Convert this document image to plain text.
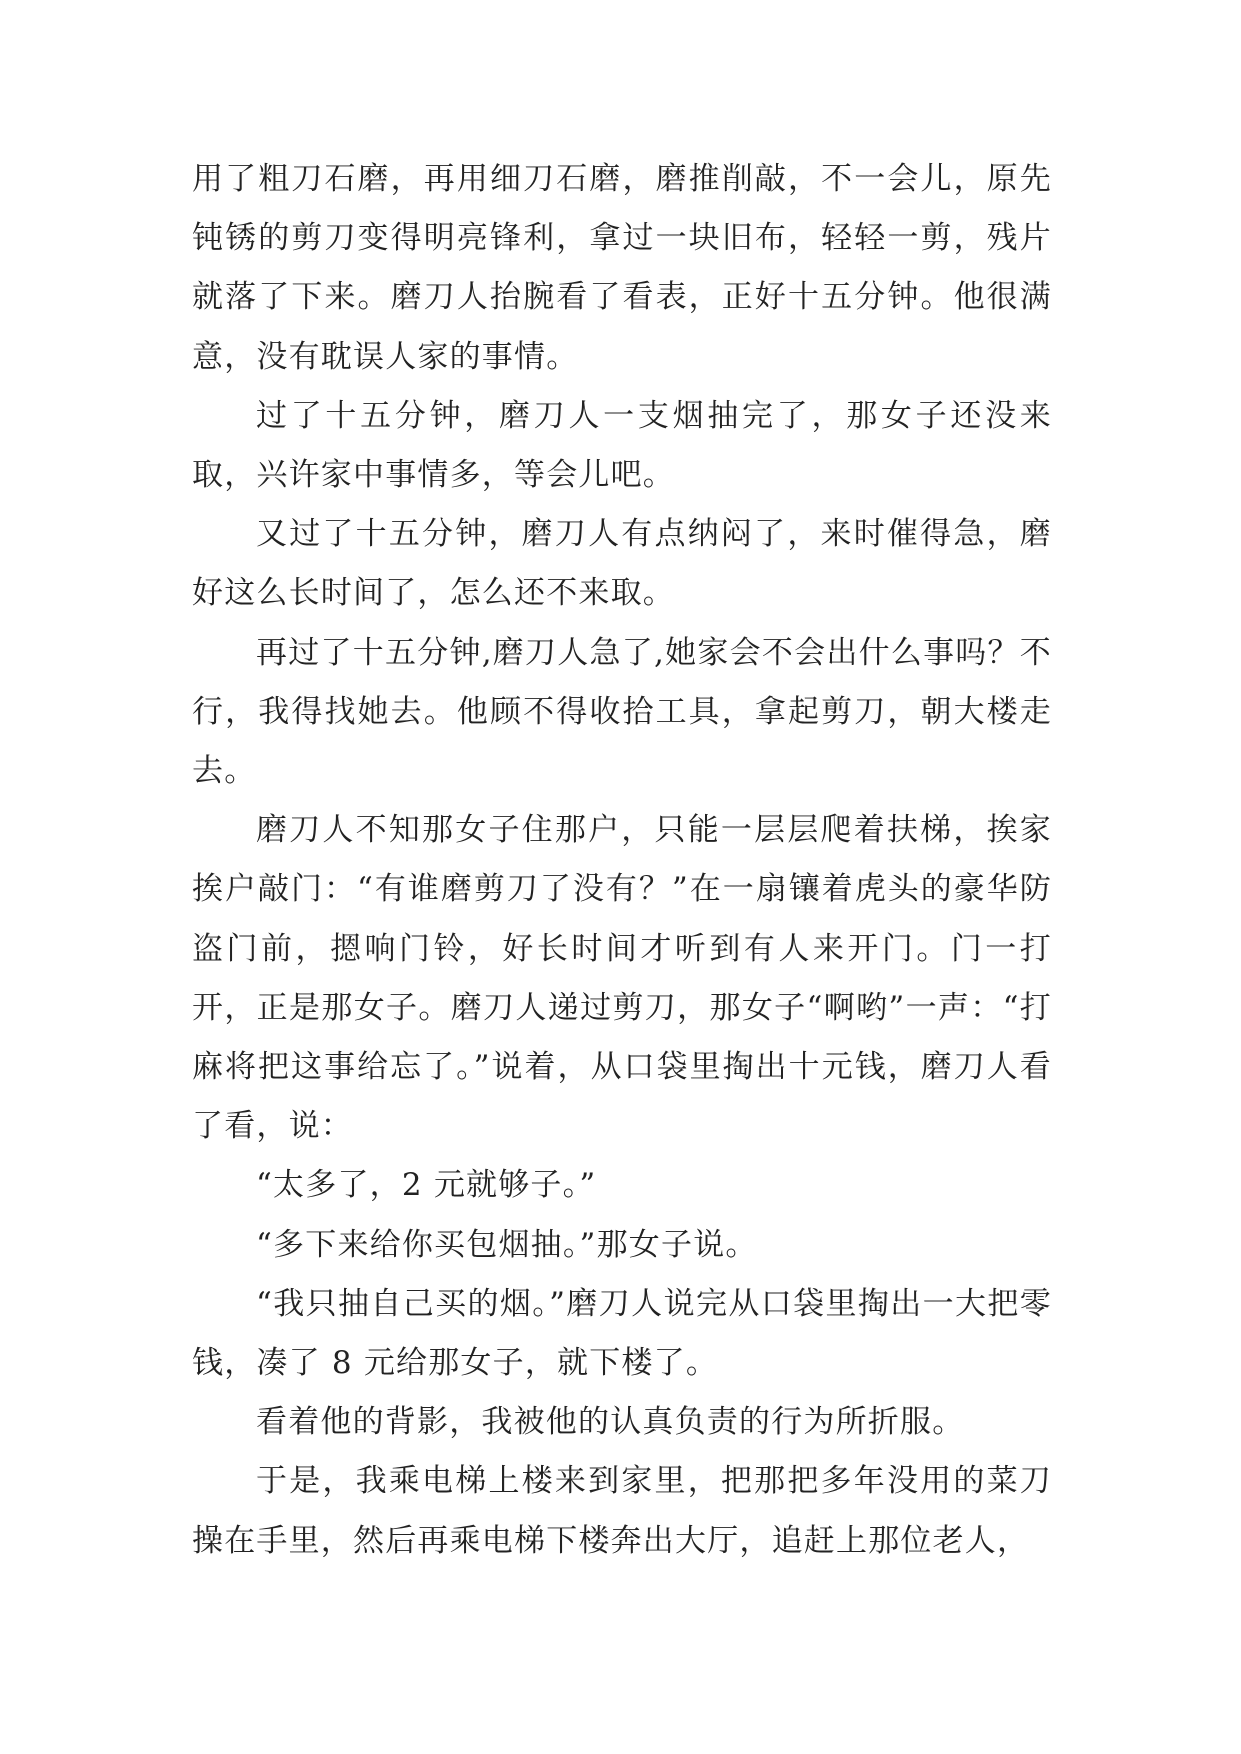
用了粗刀石磨，再用细刀石磨，磨推削敲，不一会儿，原先钝锈的剪刀变得明亮锋利，拿过一块旧布，轻轻一剪，残片就落了下来。磨刀人抬腕看了看表，正好十五分钟。他很满意，没有耽误人家的事情。

过了十五分钟，磨刀人一支烟抽完了，那女子还没来取，兴许家中事情多，等会儿吧。

又过了十五分钟，磨刀人有点纳闷了，来时催得急，磨好这么长时间了，怎么还不来取。

再过了十五分钟,磨刀人急了,她家会不会出什么事吗？不行，我得找她去。他顾不得收拾工具，拿起剪刀，朝大楼走去。

磨刀人不知那女子住那户，只能一层层爬着扶梯，挨家挨户敲门：“有谁磨剪刀了没有？”在一扇镶着虎头的豪华防盗门前，摁响门铃，好长时间才听到有人来开门。门一打开，正是那女子。磨刀人递过剪刀，那女子“啊哟”一声：“打麻将把这事给忘了。”说着，从口袋里掏出十元钱，磨刀人看了看，说：

“太多了，2 元就够子。”

“多下来给你买包烟抽。”那女子说。

“我只抽自己买的烟。”磨刀人说完从口袋里掏出一大把零钱，凑了 8 元给那女子，就下楼了。

看着他的背影，我被他的认真负责的行为所折服。

于是，我乘电梯上楼来到家里，把那把多年没用的菜刀操在手里，然后再乘电梯下楼奔出大厅，追赶上那位老人，
